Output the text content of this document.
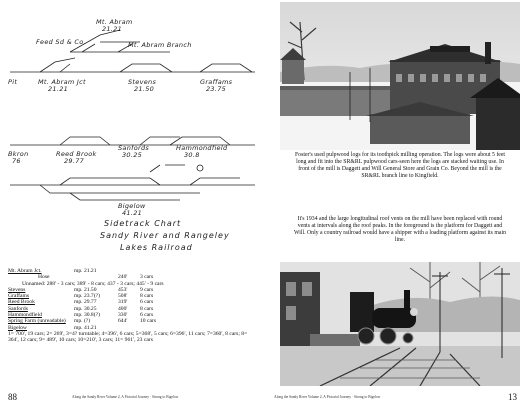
Mt. Abram
21.21
Mt. Abram Branch
Feed Sd & Co.
Pit	Mt. Abram Jct	Stevens	Graffams
21.21	21.50	23.75
Bkron	Reed Brook
Sanfords	Hammondfield
76	29.77
30.25	30.8
Bigelow
41.21
Sidetrack Chart
Sandy River and Rangeley
Lakes Railroad
Mt. Abram Jct.	mp. 21.21
Hose	240'	3 cars
Unnamed: 288' - 3 cars; 389' - 8 cars; 437 - 3 cars; 445' - 9 cars
Stevens	mp. 21.50	453'	9 cars
Graffams	mp. 23.7(?)	508'	8 cars
Reed Brook	mp. 29.77	319'	6 cars
Sanfords	mp. 30.25	400'	8 cars
Hammondfield	mp. 30.8(?)	330'	6 cars
Spring Farm (unreadable)	mp. (?)	644'	10 cars
Bigelow	mp. 41.21
1= 700', 19 cars; 2= 269', 3=4? turntable; 4=396', 6 cars; 5=368', 5 cars; 6=396', 11 cars; 7=360', 8 cars; 8= 364', 12 cars; 9= 489', 10 cars; 10=210', 3 cars; 11= 961', 23 cars
88	Along the Sandy River Volume 2, A Pictorial Journey · Strong to Bigelow
Foster's used pulpwood logs for its toothpick milling operation. The logs were about 5 feet long and fit into the SR&RL pulpwood cars-seen here the logs are stacked waiting use. In front of the mill is Daggett and Will General Store and Grain Co. Beyond the mill is the SR&RL branch line to Kingfield.
It's 1934 and the large longitudinal roof vents on the mill have been replaced with round vents at intervals along the roof peaks. In the foreground is the platform for Daggett and Will. Only a country railroad would have a shipper with a loading platform against its main line.
Along the Sandy River Volume 2, A Pictorial Journey · Strong to Bigelow	13
